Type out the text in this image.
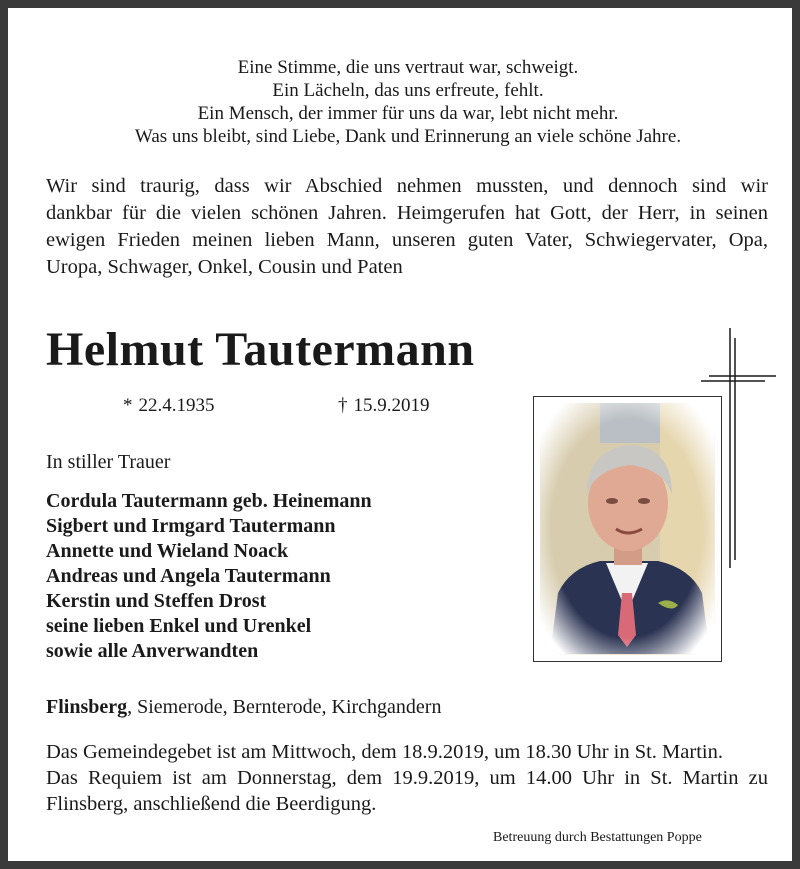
Eine Stimme, die uns vertraut war, schweigt.
Ein Lächeln, das uns erfreute, fehlt.
Ein Mensch, der immer für uns da war, lebt nicht mehr.
Was uns bleibt, sind Liebe, Dank und Erinnerung an viele schöne Jahre.
Wir sind traurig, dass wir Abschied nehmen mussten, und dennoch sind wir
dankbar für die vielen schönen Jahren. Heimgerufen hat Gott, der Herr, in seinen
ewigen Frieden meinen lieben Mann, unseren guten Vater, Schwiegervater, Opa,
Uropa, Schwager, Onkel, Cousin und Paten
Helmut Tautermann
* 22.4.1935	† 15.9.2019
In stiller Trauer
Cordula Tautermann geb. Heinemann
Sigbert und Irmgard Tautermann
Annette und Wieland Noack
Andreas und Angela Tautermann
Kerstin und Steffen Drost
seine lieben Enkel und Urenkel
sowie alle Anverwandten
Flinsberg, Siemerode, Bernterode, Kirchgandern
Das Gemeindegebet ist am Mittwoch, dem 18.9.2019, um 18.30 Uhr in St. Martin.
Das Requiem ist am Donnerstag, dem 19.9.2019, um 14.00 Uhr in St. Martin zu
Flinsberg, anschließend die Beerdigung.
Betreuung durch Bestattungen Poppe
